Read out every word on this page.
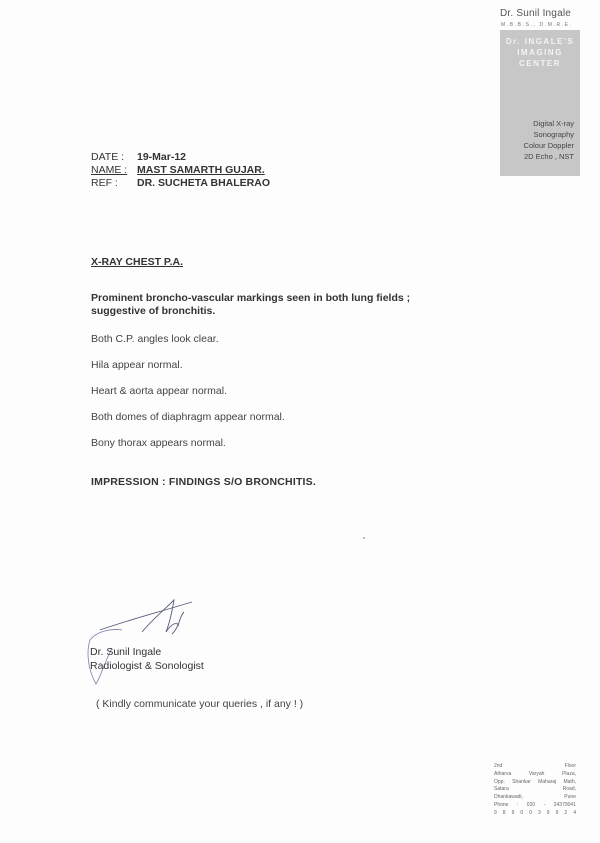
Dr. Sunil Ingale
M.B.B.S., D.M.R.E.
Dr. INGALE'S
IMAGING
CENTER
Digital X-ray
Sonography
Colour Doppler
2D Echo , NST
DATE :	19-Mar-12
NAME : MAST SAMARTH GUJAR.
REF :	DR. SUCHETA BHALERAO
X-RAY CHEST P.A.
Prominent broncho-vascular markings seen in both lung fields ; suggestive of bronchitis.
Both C.P. angles look clear.
Hila appear normal.
Heart & aorta appear normal.
Both domes of diaphragm appear normal.
Bony thorax appears normal.
IMPRESSION : FINDINGS S/O BRONCHITIS.
Dr. Sunil Ingale
Radiologist & Sonologist
( Kindly communicate your queries , if any ! )
2nd Floor
Atharva Varyah Plaza,
Opp. Shankar Maharaj Math,
Satara Road,
Dhankawadi, Pune
Phone : 020 - 24379041
9 8 9 0 0 3 9 9 2 4
